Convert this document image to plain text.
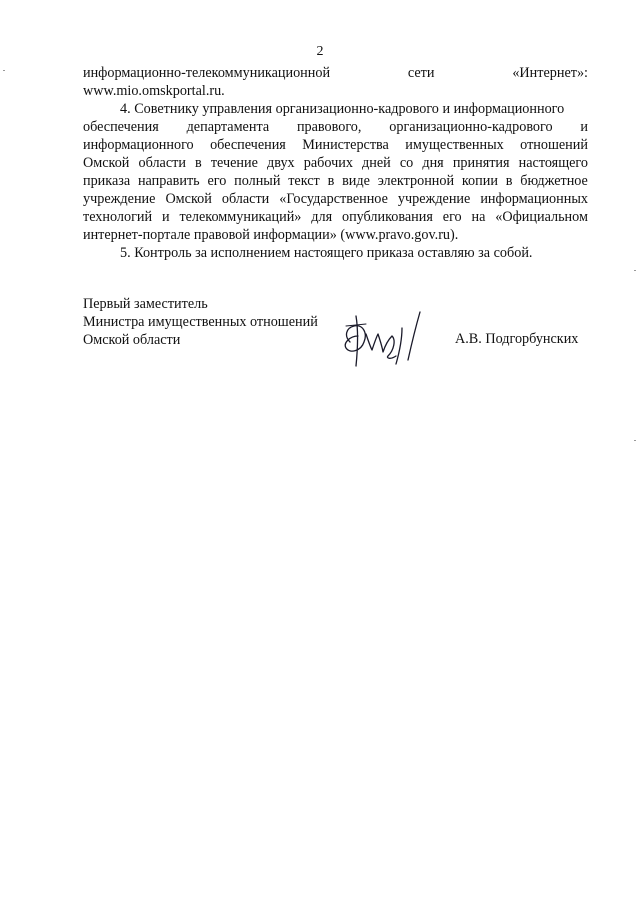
2
информационно-телекоммуникационной	сети	«Интернет»:
www.mio.omskportal.ru.
4. Советнику управления организационно-кадрового и информационного
обеспечения департамента правового, организационно-кадрового и
информационного обеспечения Министерства имущественных отношений
Омской области в течение двух рабочих дней со дня принятия настоящего
приказа направить его полный текст в виде электронной копии в бюджетное
учреждение Омской области «Государственное учреждение информационных
технологий и телекоммуникаций» для опубликования его на «Официальном
интернет-портале правовой информации» (www.pravo.gov.ru).
5. Контроль за исполнением настоящего приказа оставляю за собой.
Первый заместитель
Министра имущественных отношений
Омской области	А.В. Подгорбунских
